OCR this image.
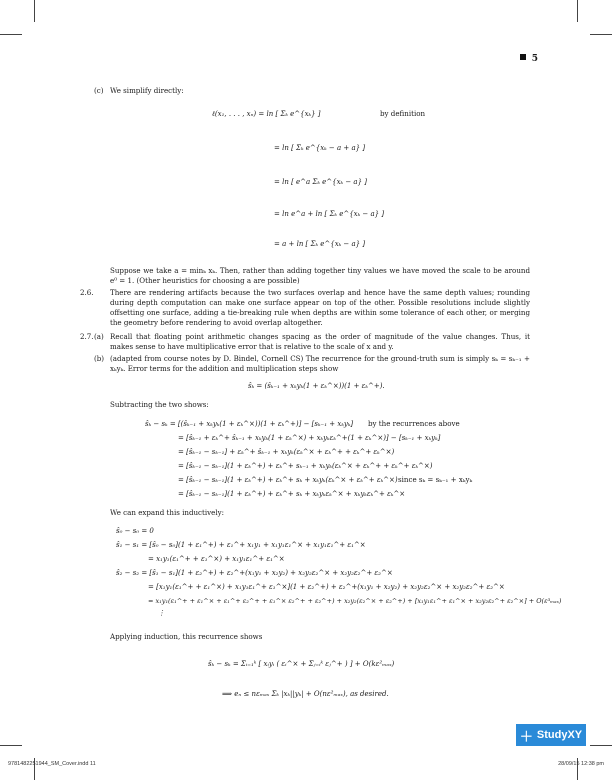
5
(c) We simplify directly:
ℓ(x₁, . . . , xₙ) = ln [ Σₖ e^{xₖ} ]	by definition
= ln [ Σₖ e^{xₖ − a + a} ]
= ln [ e^a Σₖ e^{xₖ − a} ]
= ln e^a + ln [ Σₖ e^{xₖ − a} ]
= a + ln [ Σₖ e^{xₖ − a} ]
Suppose we take a = minₖ xₖ. Then, rather than adding together tiny values we have moved the scale to be around e⁰ = 1. (Other heuristics for choosing a are possible)
2.6. There are rendering artifacts because the two surfaces overlap and hence have the same depth values; rounding during depth computation can make one surface appear on top of the other. Possible resolutions include slightly offsetting one surface, adding a tie-breaking rule when depths are within some tolerance of each other, or merging the geometry before rendering to avoid overlap altogether.
2.7. (a) Recall that floating point arithmetic changes spacing as the order of magnitude of the value changes. Thus, it makes sense to have multiplicative error that is relative to the scale of x and y.
(b) (adapted from course notes by D. Bindel, Cornell CS) The recurrence for the ground-truth sum is simply sₖ = sₖ₋₁ + xₖyₖ. Error terms for the addition and multiplication steps show
ŝₖ = (ŝₖ₋₁ + xₖyₖ(1 + εₖ^×))(1 + εₖ^+).
Subtracting the two shows:
ŝₖ − sₖ = [(ŝₖ₋₁ + xₖyₖ(1 + εₖ^×))(1 + εₖ^+)] − [sₖ₋₁ + xₖyₖ] by the recurrences above
= [ŝₖ₋₁ + εₖ^+ ŝₖ₋₁ + xₖyₖ(1 + εₖ^×) + xₖyₖεₖ^+(1 + εₖ^×)] − [sₖ₋₁ + xₖyₖ]
= [ŝₖ₋₁ − sₖ₋₁] + εₖ^+ ŝₖ₋₁ + xₖyₖ(εₖ^× + εₖ^+ + εₖ^+ εₖ^×)
= [ŝₖ₋₁ − sₖ₋₁](1 + εₖ^+) + εₖ^+ sₖ₋₁ + xₖyₖ(εₖ^× + εₖ^+ + εₖ^+ εₖ^×)
= [ŝₖ₋₁ − sₖ₋₁](1 + εₖ^+) + εₖ^+ sₖ + xₖyₖ(εₖ^× + εₖ^+ εₖ^×) since sₖ = sₖ₋₁ + xₖyₖ
= [ŝₖ₋₁ − sₖ₋₁](1 + εₖ^+) + εₖ^+ sₖ + xₖyₖεₖ^× + xₖyₖεₖ^+ εₖ^×
We can expand this inductively:
ŝ₀ − s₀ = 0
ŝ₁ − s₁ = [ŝ₀ − s₀](1 + ε₁^+) + ε₁^+ x₁y₁ + x₁y₁ε₁^× + x₁y₁ε₁^+ ε₁^×
= x₁y₁(ε₁^+ + ε₁^×) + x₁y₁ε₁^+ ε₁^×
ŝ₂ − s₂ = [ŝ₁ − s₁](1 + ε₂^+) + ε₂^+(x₁y₁ + x₂y₂) + x₂y₂ε₂^× + x₂y₂ε₂^+ ε₂^×
= [x₁y₁(ε₁^+ + ε₁^×) + x₁y₁ε₁^+ ε₁^×](1 + ε₂^+) + ε₂^+(x₁y₁ + x₂y₂) + x₂y₂ε₂^× + x₂y₂ε₂^+ ε₂^×
= x₁y₁(ε₁^+ + ε₁^× + ε₁^+ ε₂^+ + ε₁^× ε₂^+ + ε₂^+) + x₂y₂(ε₂^× + ε₂^+) + [x₁y₁ε₁^+ ε₁^× + x₂y₂ε₂^+ ε₂^×] + O(ε³ₘₐₓ)
⋮
Applying induction, this recurrence shows
ŝₖ − sₖ = Σᵢ₌₁ᵏ [ xᵢyᵢ ( εᵢ^× + Σⱼ₌ᵢᵏ εⱼ^+ ) ] + O(kε²ₘₐₓ)
⟹ eₙ ≤ nεₘₐₓ Σₖ |xₖ||yₖ| + O(nε²ₘₐₓ), as desired.
＋ StudyXY
9781482251944_SM_Cover.indd 11	28/09/15 12:38 pm
